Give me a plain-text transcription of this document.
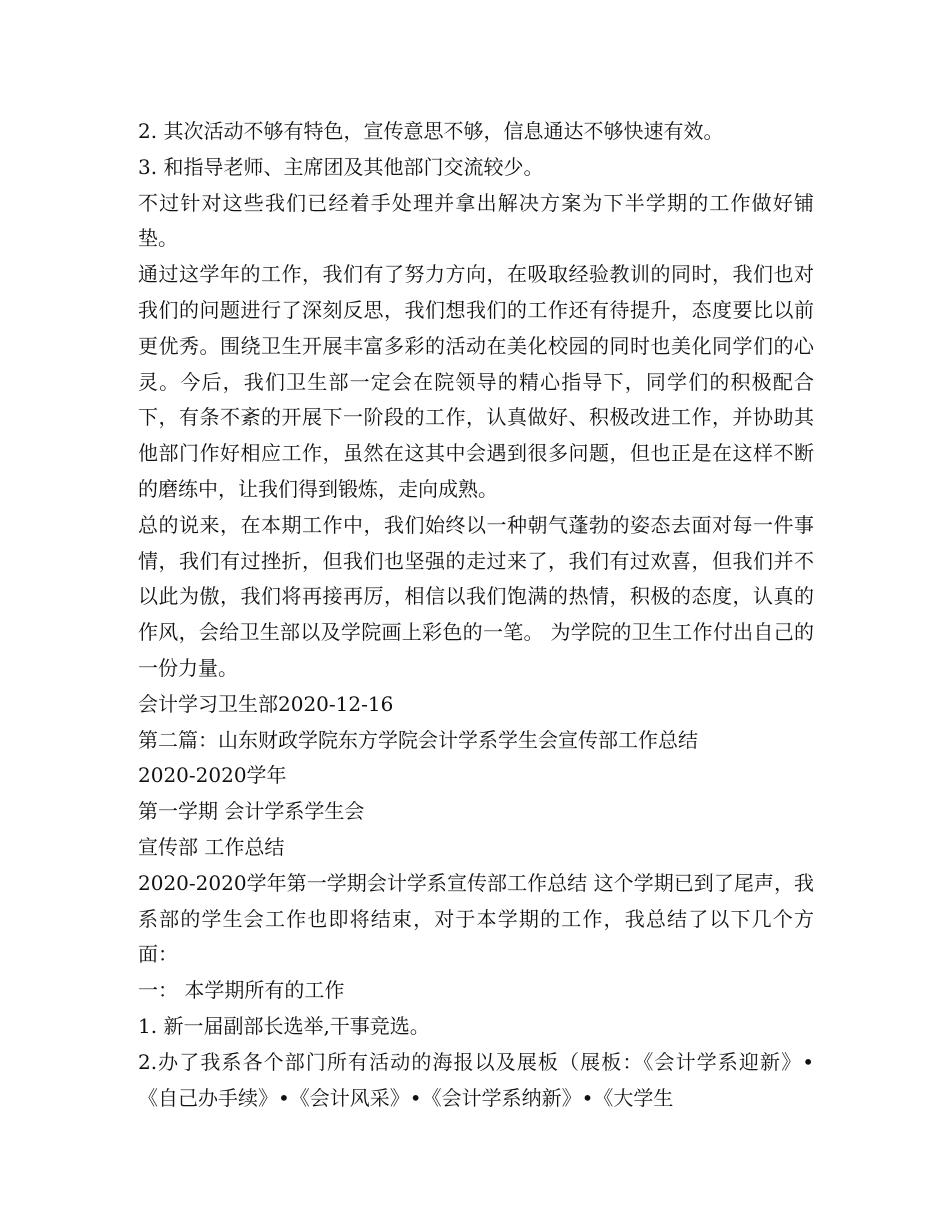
2. 其次活动不够有特色，宣传意思不够，信息通达不够快速有效。

3. 和指导老师、主席团及其他部门交流较少。

不过针对这些我们已经着手处理并拿出解决方案为下半学期的工作做好铺垫。

通过这学年的工作，我们有了努力方向，在吸取经验教训的同时，我们也对我们的问题进行了深刻反思，我们想我们的工作还有待提升，态度要比以前更优秀。围绕卫生开展丰富多彩的活动在美化校园的同时也美化同学们的心灵。今后，我们卫生部一定会在院领导的精心指导下，同学们的积极配合下，有条不紊的开展下一阶段的工作，认真做好、积极改进工作，并协助其他部门作好相应工作，虽然在这其中会遇到很多问题，但也正是在这样不断的磨练中，让我们得到锻炼，走向成熟。

总的说来，在本期工作中，我们始终以一种朝气蓬勃的姿态去面对每一件事情，我们有过挫折，但我们也坚强的走过来了，我们有过欢喜，但我们并不以此为傲，我们将再接再厉，相信以我们饱满的热情，积极的态度，认真的作风，会给卫生部以及学院画上彩色的一笔。 为学院的卫生工作付出自己的一份力量。

会计学习卫生部2020-12-16

第二篇：山东财政学院东方学院会计学系学生会宣传部工作总结

2020-2020学年

第一学期 会计学系学生会

宣传部 工作总结

2020-2020学年第一学期会计学系宣传部工作总结 这个学期已到了尾声，我系部的学生会工作也即将结束，对于本学期的工作，我总结了以下几个方面：

一： 本学期所有的工作

1. 新一届副部长选举,干事竞选。

2.办了我系各个部门所有活动的海报以及展板（展板：《会计学系迎新》•《自己办手续》•《会计风采》•《会计学系纳新》•《大学生
